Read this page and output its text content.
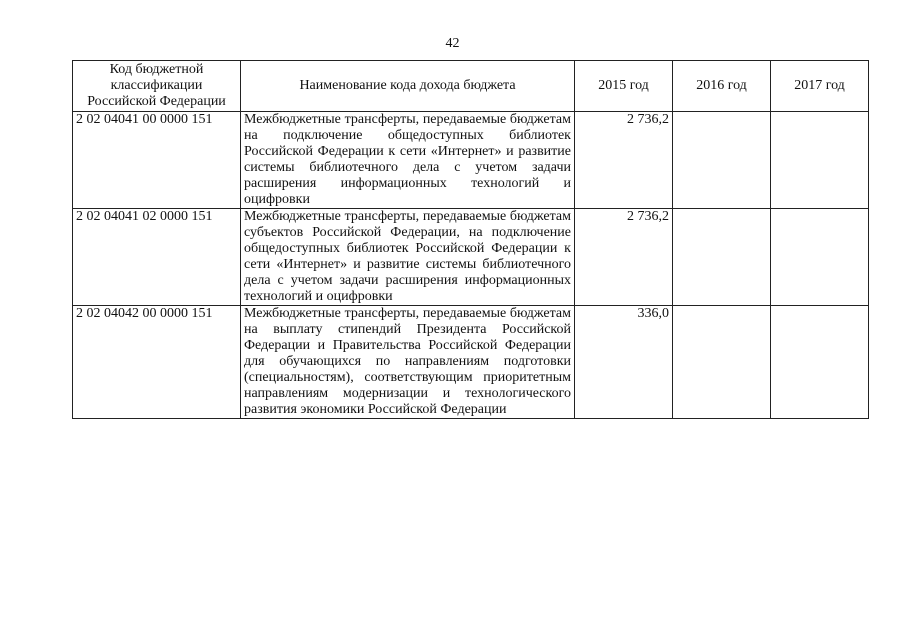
42
Код бюджетной классификации Российской Федерации	Наименование кода дохода бюджета	2015 год	2016 год	2017 год
2 02 04041 00 0000 151	Межбюджетные трансферты, передаваемые бюджетам на подключение общедоступных библиотек Российской Федерации к сети «Интернет» и развитие системы библиотечного дела с учетом задачи расширения информационных технологий и оцифровки	2 736,2		
2 02 04041 02 0000 151	Межбюджетные трансферты, передаваемые бюджетам субъектов Российской Федерации, на подключение общедоступных библиотек Российской Федерации к сети «Интернет» и развитие системы библиотечного дела с учетом задачи расширения информационных технологий и оцифровки	2 736,2		
2 02 04042 00 0000 151	Межбюджетные трансферты, передаваемые бюджетам на выплату стипендий Президента Российской Федерации и Правительства Российской Федерации для обучающихся по направлениям подготовки (специальностям), соответствующим приоритетным направлениям модернизации и технологического развития экономики Российской Федерации	336,0		
